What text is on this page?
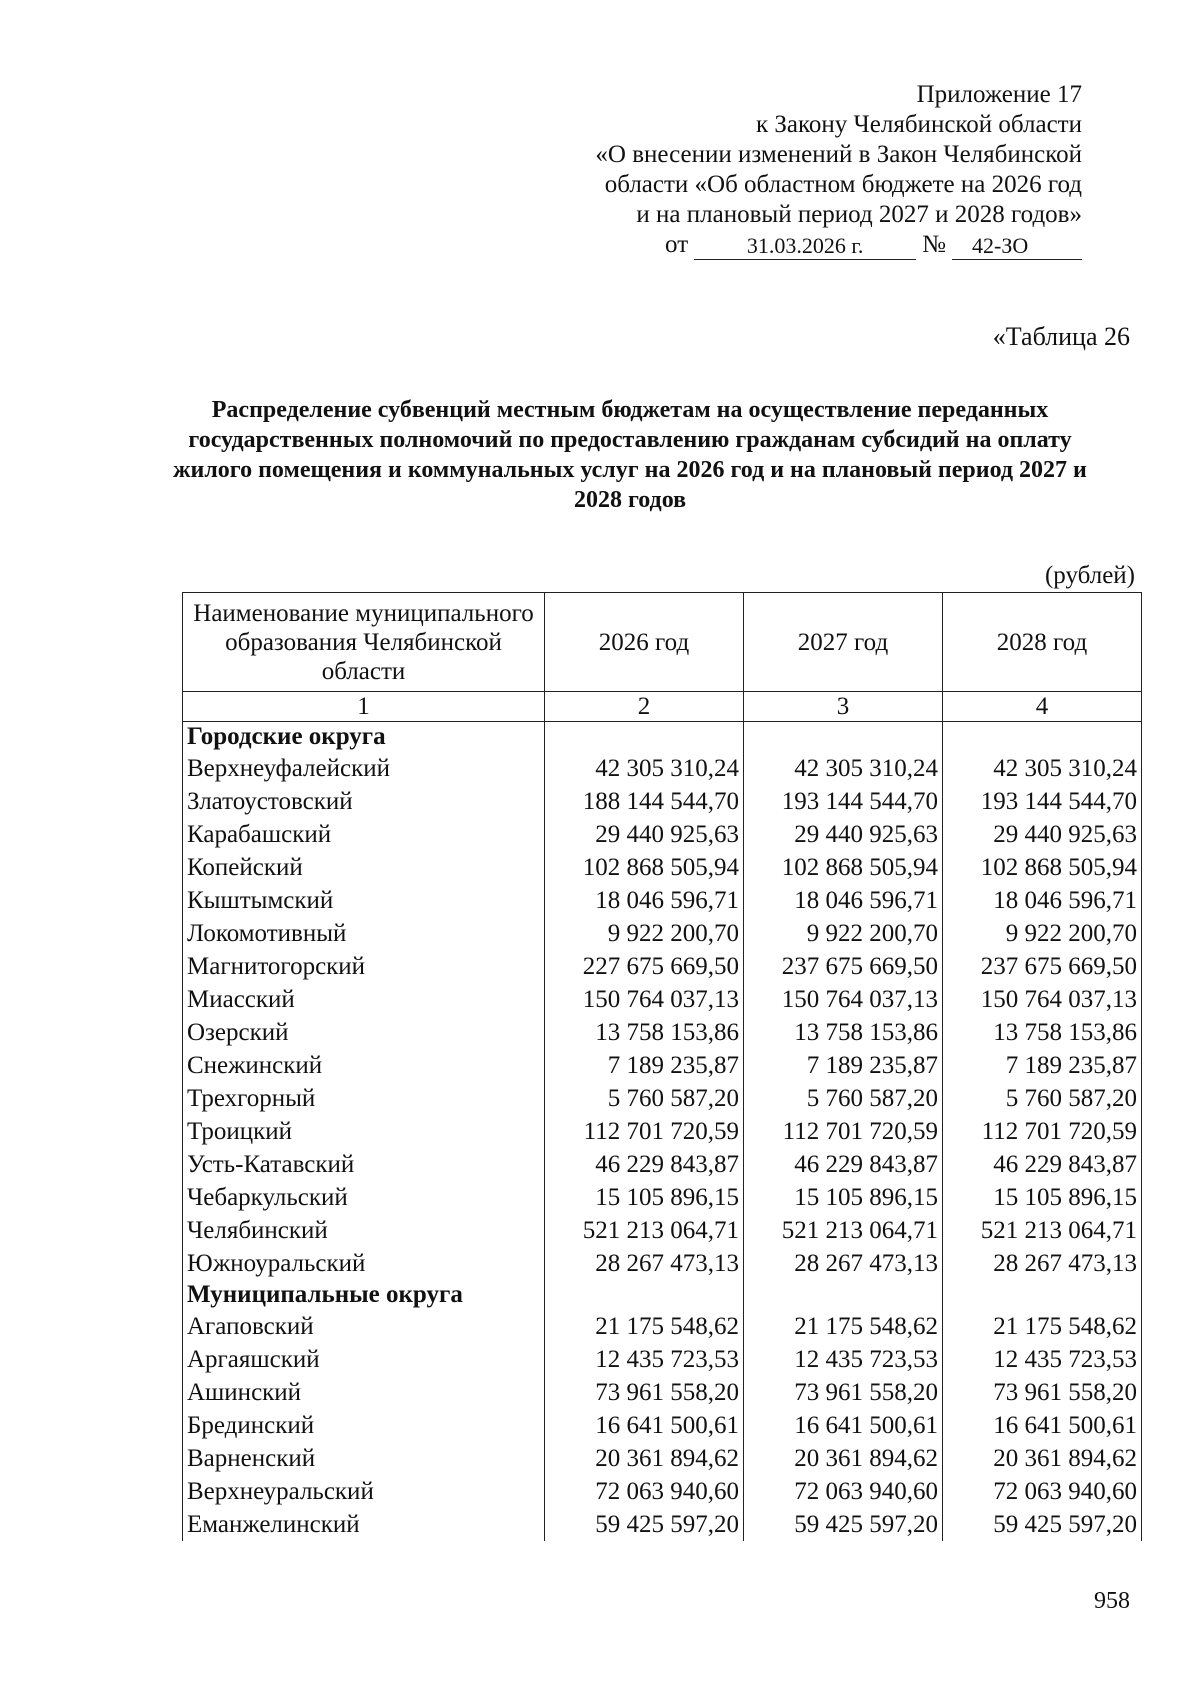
Приложение 17
к Закону Челябинской области
«О внесении изменений в Закон Челябинской
области «Об областном бюджете на 2026 год
и на плановый период 2027 и 2028 годов»
от	31.03.2026 г.	№	42-ЗО
«Таблица 26
Распределение субвенций местным бюджетам на осуществление переданных государственных полномочий по предоставлению гражданам субсидий на оплату жилого помещения и коммунальных услуг на 2026 год и на плановый период 2027 и 2028 годов
(рублей)
Наименование муниципального образования Челябинской области	2026 год	2027 год	2028 год
1	2	3	4
Городские округа			
Верхнеуфалейский	42 305 310,24	42 305 310,24	42 305 310,24
Златоустовский	188 144 544,70	193 144 544,70	193 144 544,70
Карабашский	29 440 925,63	29 440 925,63	29 440 925,63
Копейский	102 868 505,94	102 868 505,94	102 868 505,94
Кыштымский	18 046 596,71	18 046 596,71	18 046 596,71
Локомотивный	9 922 200,70	9 922 200,70	9 922 200,70
Магнитогорский	227 675 669,50	237 675 669,50	237 675 669,50
Миасский	150 764 037,13	150 764 037,13	150 764 037,13
Озерский	13 758 153,86	13 758 153,86	13 758 153,86
Снежинский	7 189 235,87	7 189 235,87	7 189 235,87
Трехгорный	5 760 587,20	5 760 587,20	5 760 587,20
Троицкий	112 701 720,59	112 701 720,59	112 701 720,59
Усть-Катавский	46 229 843,87	46 229 843,87	46 229 843,87
Чебаркульский	15 105 896,15	15 105 896,15	15 105 896,15
Челябинский	521 213 064,71	521 213 064,71	521 213 064,71
Южноуральский	28 267 473,13	28 267 473,13	28 267 473,13
Муниципальные округа			
Агаповский	21 175 548,62	21 175 548,62	21 175 548,62
Аргаяшский	12 435 723,53	12 435 723,53	12 435 723,53
Ашинский	73 961 558,20	73 961 558,20	73 961 558,20
Брединский	16 641 500,61	16 641 500,61	16 641 500,61
Варненский	20 361 894,62	20 361 894,62	20 361 894,62
Верхнеуральский	72 063 940,60	72 063 940,60	72 063 940,60
Еманжелинский	59 425 597,20	59 425 597,20	59 425 597,20
958
